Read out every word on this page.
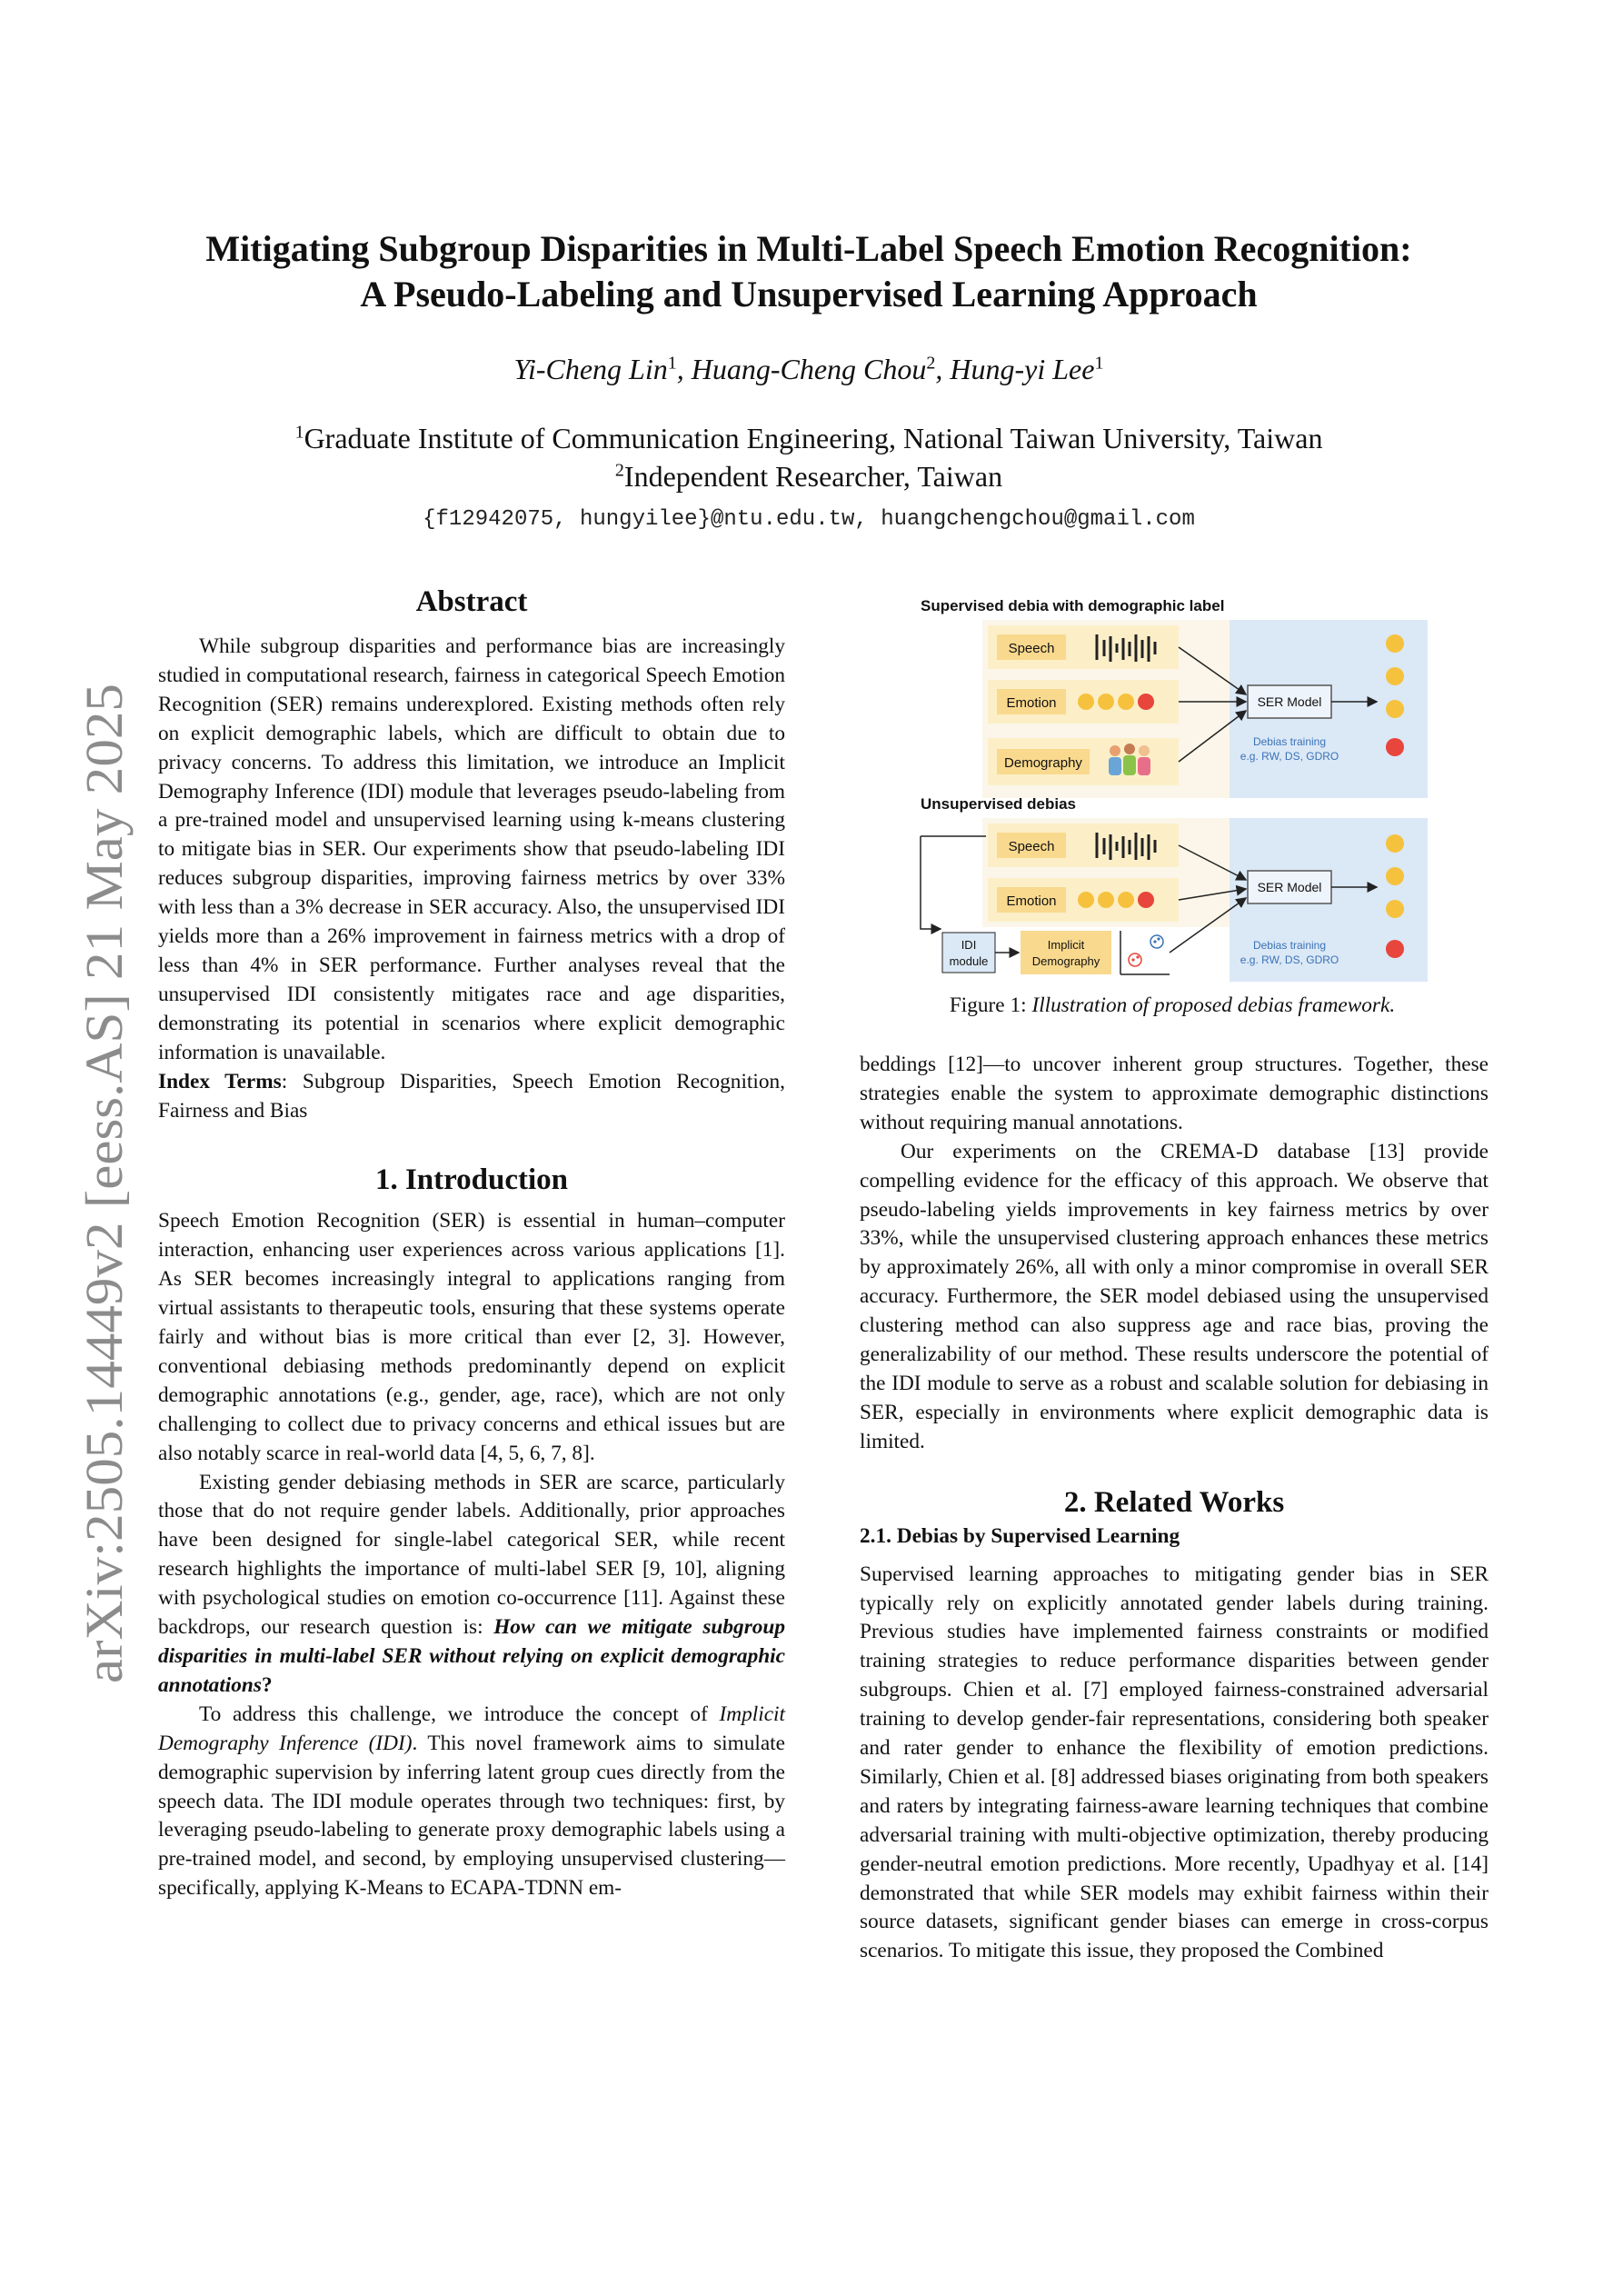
arXiv:2505.14449v2 [eess.AS] 21 May 2025
Mitigating Subgroup Disparities in Multi-Label Speech Emotion Recognition:
A Pseudo-Labeling and Unsupervised Learning Approach
Yi-Cheng Lin$^1$, Huang-Cheng Chou$^2$, Hung-yi Lee$^1$
$^1$Graduate Institute of Communication Engineering, National Taiwan University, Taiwan
$^2$Independent Researcher, Taiwan
{f12942075, hungyilee}@ntu.edu.tw, huangchengchou@gmail.com
Abstract

While subgroup disparities and performance bias are increasingly studied in computational research, fairness in categorical Speech Emotion Recognition (SER) remains underexplored. Existing methods often rely on explicit demographic labels, which are difficult to obtain due to privacy concerns. To address this limitation, we introduce an Implicit Demography Inference (IDI) module that leverages pseudo-labeling from a pre-trained model and unsupervised learning using k-means clustering to mitigate bias in SER. Our experiments show that pseudo-labeling IDI reduces subgroup disparities, improving fairness metrics by over 33% with less than a 3% decrease in SER accuracy. Also, the unsupervised IDI yields more than a 26% improvement in fairness metrics with a drop of less than 4% in SER performance. Further analyses reveal that the unsupervised IDI consistently mitigates race and age disparities, demonstrating its potential in scenarios where explicit demographic information is unavailable.

Index Terms: Subgroup Disparities, Speech Emotion Recognition, Fairness and Bias

1. Introduction

Speech Emotion Recognition (SER) is essential in human–computer interaction, enhancing user experiences across various applications [1]. As SER becomes increasingly integral to applications ranging from virtual assistants to therapeutic tools, ensuring that these systems operate fairly and without bias is more critical than ever [2, 3]. However, conventional debiasing methods predominantly depend on explicit demographic annotations (e.g., gender, age, race), which are not only challenging to collect due to privacy concerns and ethical issues but are also notably scarce in real-world data [4, 5, 6, 7, 8].

Existing gender debiasing methods in SER are scarce, particularly those that do not require gender labels. Additionally, prior approaches have been designed for single-label categorical SER, while recent research highlights the importance of multi-label SER [9, 10], aligning with psychological studies on emotion co-occurrence [11]. Against these backdrops, our research question is: How can we mitigate subgroup disparities in multi-label SER without relying on explicit demographic annotations?

To address this challenge, we introduce the concept of Implicit Demography Inference (IDI). This novel framework aims to simulate demographic supervision by inferring latent group cues directly from the speech data. The IDI module operates through two techniques: first, by leveraging pseudo-labeling to generate proxy demographic labels using a pre-trained model, and second, by employing unsupervised clustering—specifically, applying K-Means to ECAPA-TDNN em-

Supervised debia with demographic label
Speech
Emotion
Demography
SER Model
Debias training
e.g. RW, DS, GDRO
Unsupervised debias
Speech
Emotion
IDI
module
Implicit
Demography
SER Model
Debias training
e.g. RW, DS, GDRO
Figure 1: Illustration of proposed debias framework.

beddings [12]—to uncover inherent group structures. Together, these strategies enable the system to approximate demographic distinctions without requiring manual annotations.

Our experiments on the CREMA-D database [13] provide compelling evidence for the efficacy of this approach. We observe that pseudo-labeling yields improvements in key fairness metrics by over 33%, while the unsupervised clustering approach enhances these metrics by approximately 26%, all with only a minor compromise in overall SER accuracy. Furthermore, the SER model debiased using the unsupervised clustering method can also suppress age and race bias, proving the generalizability of our method. These results underscore the potential of the IDI module to serve as a robust and scalable solution for debiasing in SER, especially in environments where explicit demographic data is limited.

2. Related Works
2.1. Debias by Supervised Learning

Supervised learning approaches to mitigating gender bias in SER typically rely on explicitly annotated gender labels during training. Previous studies have implemented fairness constraints or modified training strategies to reduce performance disparities between gender subgroups. Chien et al. [7] employed fairness-constrained adversarial training to develop gender-fair representations, considering both speaker and rater gender to enhance the flexibility of emotion predictions. Similarly, Chien et al. [8] addressed biases originating from both speakers and raters by integrating fairness-aware learning techniques that combine adversarial training with multi-objective optimization, thereby producing gender-neutral emotion predictions. More recently, Upadhyay et al. [14] demonstrated that while SER models may exhibit fairness within their source datasets, significant gender biases can emerge in cross-corpus scenarios. To mitigate this issue, they proposed the Combined
